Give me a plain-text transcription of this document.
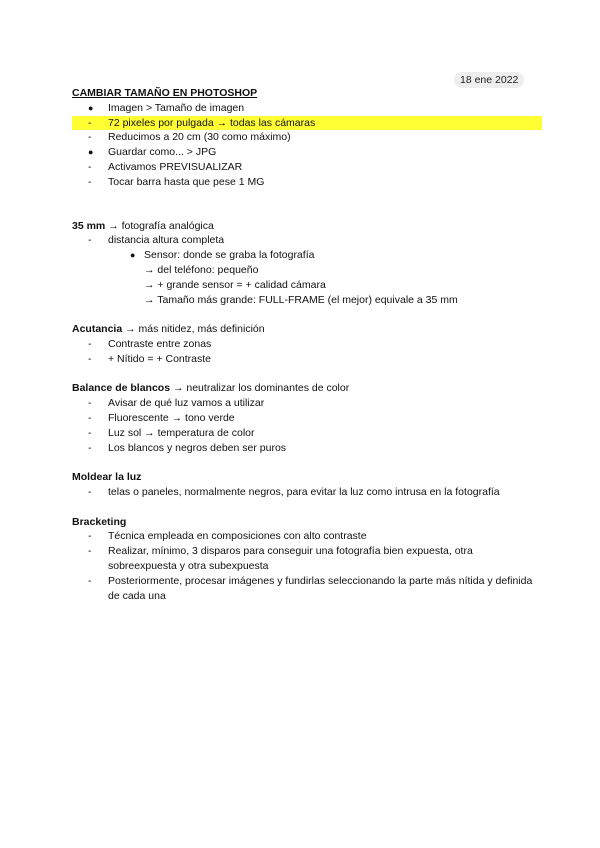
18 ene 2022
CAMBIAR TAMAÑO EN PHOTOSHOP
●	Imagen > Tamaño de imagen
-	72 pixeles por pulgada → todas las cámaras
-	Reducimos a 20 cm (30 como máximo)
●	Guardar como... > JPG
-	Activamos PREVISUALIZAR
-	Tocar barra hasta que pese 1 MG
35 mm → fotografía analógica
-	distancia altura completa
● Sensor: donde se graba la fotografía
→ del teléfono: pequeño
→ + grande sensor = + calidad cámara
→ Tamaño más grande: FULL-FRAME (el mejor) equivale a 35 mm
Acutancia → más nitidez, más definición
-	Contraste entre zonas
-	+ Nítido = + Contraste
Balance de blancos → neutralizar los dominantes de color
-	Avisar de qué luz vamos a utilizar
-	Fluorescente → tono verde
-	Luz sol → temperatura de color
-	Los blancos y negros deben ser puros
Moldear la luz
-	telas o paneles, normalmente negros, para evitar la luz como intrusa en la fotografía
Bracketing
-	Técnica empleada en composiciones con alto contraste
-	Realizar, mínimo, 3 disparos para conseguir una fotografía bien expuesta, otra sobreexpuesta y otra subexpuesta
-	Posteriormente, procesar imágenes y fundirlas seleccionando la parte más nítida y definida de cada una
